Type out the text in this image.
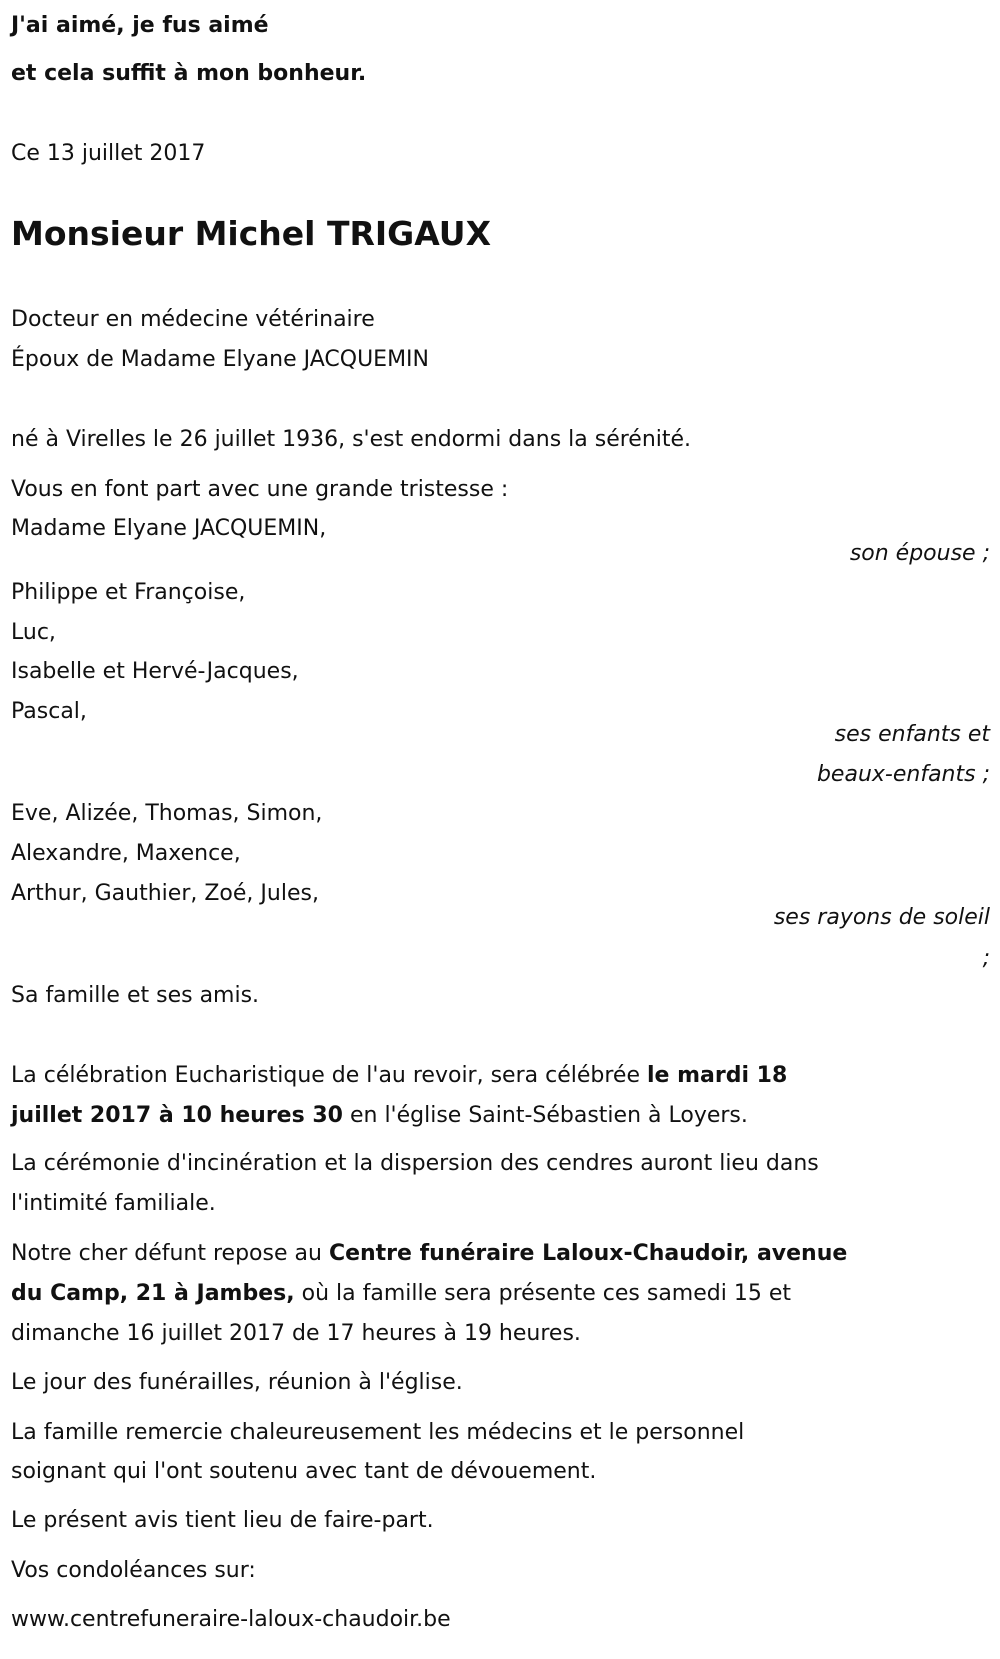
J'ai aimé, je fus aimé
et cela suffit à mon bonheur.
Ce 13 juillet 2017
Monsieur Michel TRIGAUX
Docteur en médecine vétérinaire
Époux de Madame Elyane JACQUEMIN
né à Virelles le 26 juillet 1936, s'est endormi dans la sérénité.
Vous en font part avec une grande tristesse :
Madame Elyane JACQUEMIN,
son épouse ;
Philippe et Françoise,
Luc,
Isabelle et Hervé-Jacques,
Pascal,
ses enfants et
beaux-enfants ;
Eve, Alizée, Thomas, Simon,
Alexandre, Maxence,
Arthur, Gauthier, Zoé, Jules,
ses rayons de soleil
;
Sa famille et ses amis.
La célébration Eucharistique de l'au revoir, sera célébrée le mardi 18
juillet 2017 à 10 heures 30 en l'église Saint-Sébastien à Loyers.
La cérémonie d'incinération et la dispersion des cendres auront lieu dans
l'intimité familiale.
Notre cher défunt repose au Centre funéraire Laloux-Chaudoir, avenue
du Camp, 21 à Jambes, où la famille sera présente ces samedi 15 et
dimanche 16 juillet 2017 de 17 heures à 19 heures.
Le jour des funérailles, réunion à l'église.
La famille remercie chaleureusement les médecins et le personnel
soignant qui l'ont soutenu avec tant de dévouement.
Le présent avis tient lieu de faire-part.
Vos condoléances sur:
www.centrefuneraire-laloux-chaudoir.be
